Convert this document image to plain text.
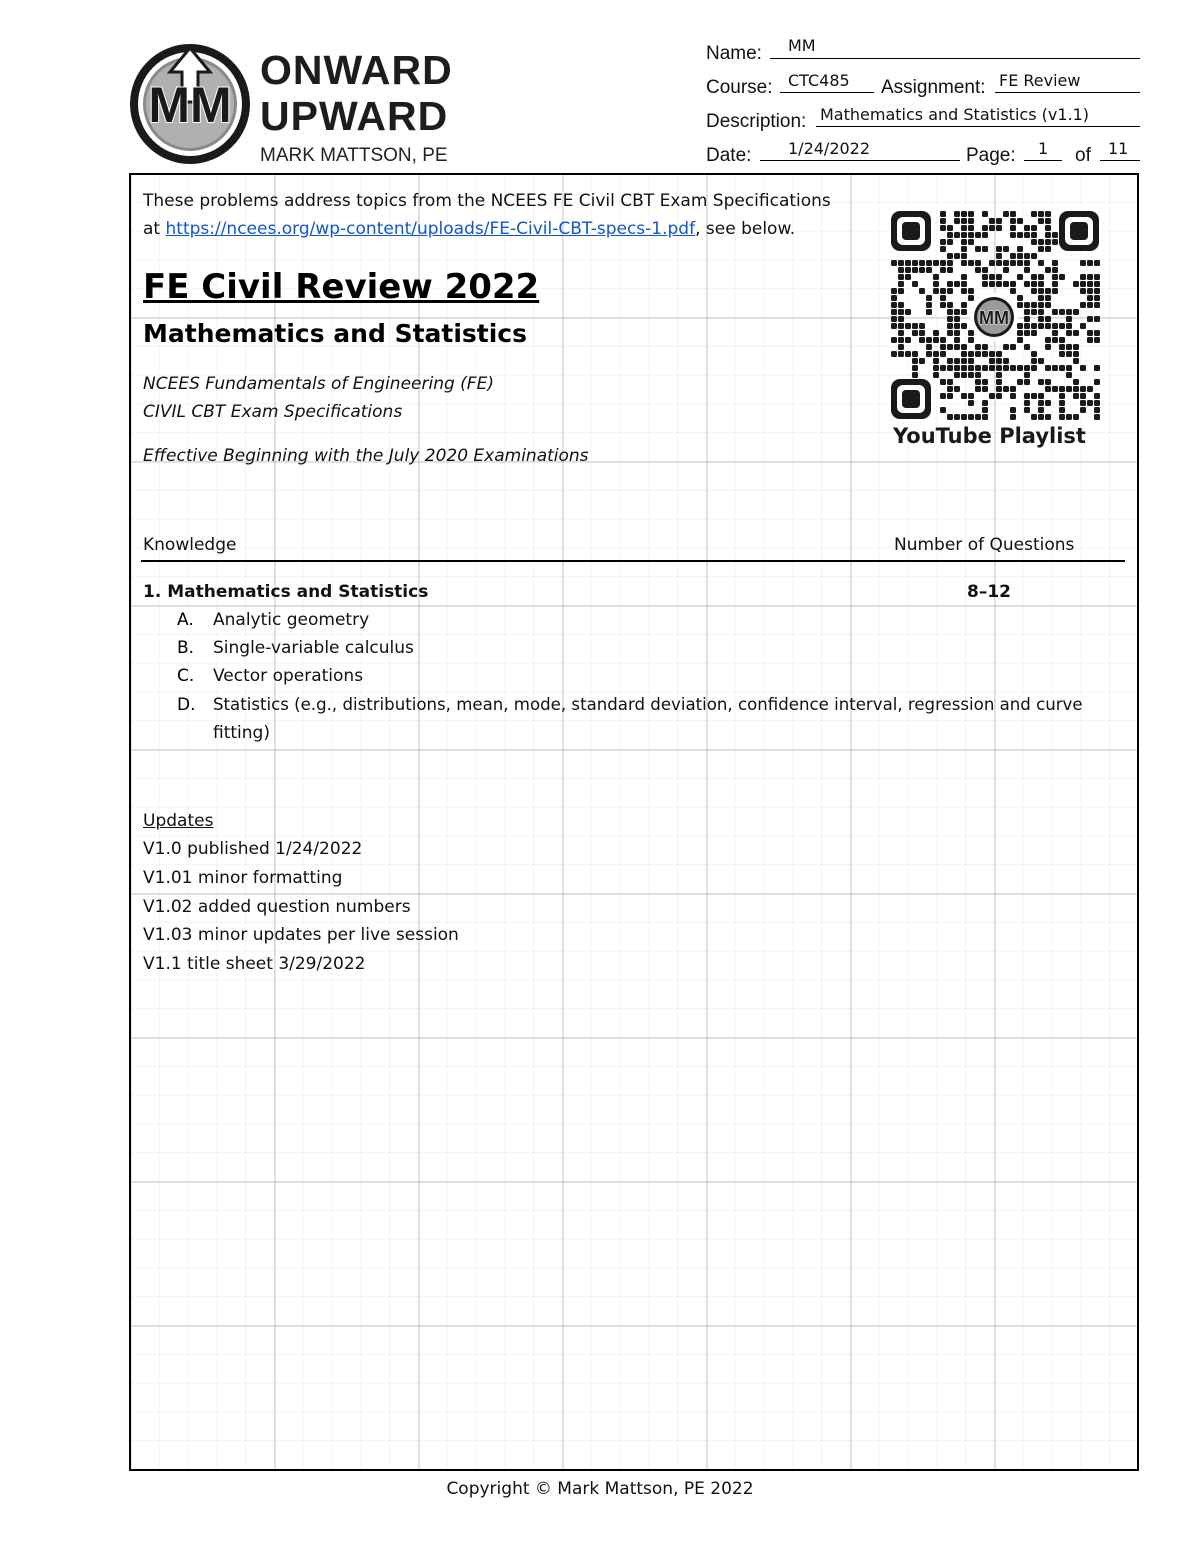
MM
ONWARD
UPWARD
MARK MATTSON, PE
Name: MM
Course: CTC485 Assignment: FE Review
Description: Mathematics and Statistics (v1.1)
Date: 1/24/2022	Page: 1 of 11
These problems address topics from the NCEES FE Civil CBT Exam Specifications
at https://ncees.org/wp-content/uploads/FE-Civil-CBT-specs-1.pdf, see below.
FE Civil Review 2022
Mathematics and Statistics
NCEES Fundamentals of Engineering (FE)
CIVIL CBT Exam Specifications
Effective Beginning with the July 2020 Examinations
MM
YouTube Playlist
Knowledge	Number of Questions
1. Mathematics and Statistics	8–12
A. Analytic geometry
B. Single-variable calculus
C. Vector operations
D. Statistics (e.g., distributions, mean, mode, standard deviation, confidence interval, regression and curve
fitting)
Updates
V1.0 published 1/24/2022
V1.01 minor formatting
V1.02 added question numbers
V1.03 minor updates per live session
V1.1 title sheet 3/29/2022
Copyright © Mark Mattson, PE 2022
